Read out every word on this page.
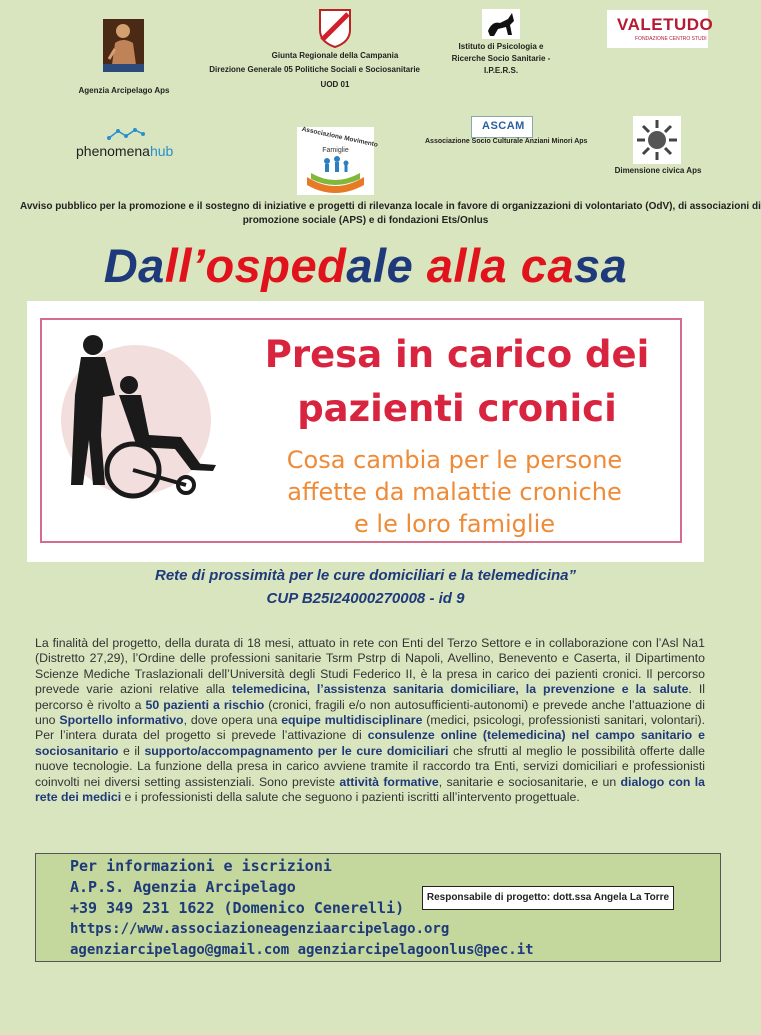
Agenzia Arcipelago Aps
Giunta Regionale della Campania
Direzione Generale 05 Politiche Sociali e Sociosanitarie
UOD 01
Istituto di Psicologia e
Ricerche Socio Sanitarie -
I.P.E.R.S.
VALETUDO
FONDAZIONE CENTRO STUDI
phenomenahub
Associazione Movimento
Famiglie
ASCAM
Associazione Socio Culturale Anziani Minori Aps
Dimensione civica Aps
Avviso pubblico per la promozione e il sostegno di iniziative e progetti di rilevanza locale in favore di organizzazioni di volontariato (OdV), di associazioni di
promozione sociale (APS) e di fondazioni Ets/Onlus
Dall’ospedale alla casa
Presa in carico dei
pazienti cronici
Cosa cambia per le persone
affette da malattie croniche
e le loro famiglie
Rete di prossimità per le cure domiciliari e la telemedicina”
CUP B25I24000270008 - id 9
La finalità del progetto, della durata di 18 mesi, attuato in rete con Enti del Terzo Settore e in collaborazione con l’Asl Na1 (Distretto 27,29), l’Ordine delle professioni sanitarie Tsrm Pstrp di Napoli, Avellino, Benevento e Caserta, il Dipartimento Scienze Mediche Traslazionali dell’Università degli Studi Federico II, è la presa in carico dei pazienti cronici. Il percorso prevede varie azioni relative alla telemedicina, l’assistenza sanitaria domiciliare, la prevenzione e la salute. Il percorso è rivolto a 50 pazienti a rischio (cronici, fragili e/o non autosufficienti-autonomi) e prevede anche l’attuazione di uno Sportello informativo, dove opera una equipe multidisciplinare (medici, psicologi, professionisti sanitari, volontari). Per l’intera durata del progetto si prevede l’attivazione di consulenze online (telemedicina) nel campo sanitario e sociosanitario e il supporto/accompagnamento per le cure domiciliari che sfrutti al meglio le possibilità offerte dalle nuove tecnologie. La funzione della presa in carico avviene tramite il raccordo tra Enti, servizi domiciliari e professionisti coinvolti nei diversi setting assistenziali. Sono previste attività formative, sanitarie e sociosanitarie, e un dialogo con la rete dei medici e i professionisti della salute che seguono i pazienti iscritti all’intervento progettuale.
Per informazioni e iscrizioni
A.P.S. Agenzia Arcipelago
+39 349 231 1622 (Domenico Cenerelli)
https://www.associazioneagenziaarcipelago.org
agenziarcipelago@gmail.com agenziarcipelagoonlus@pec.it
Responsabile di progetto: dott.ssa Angela La Torre
